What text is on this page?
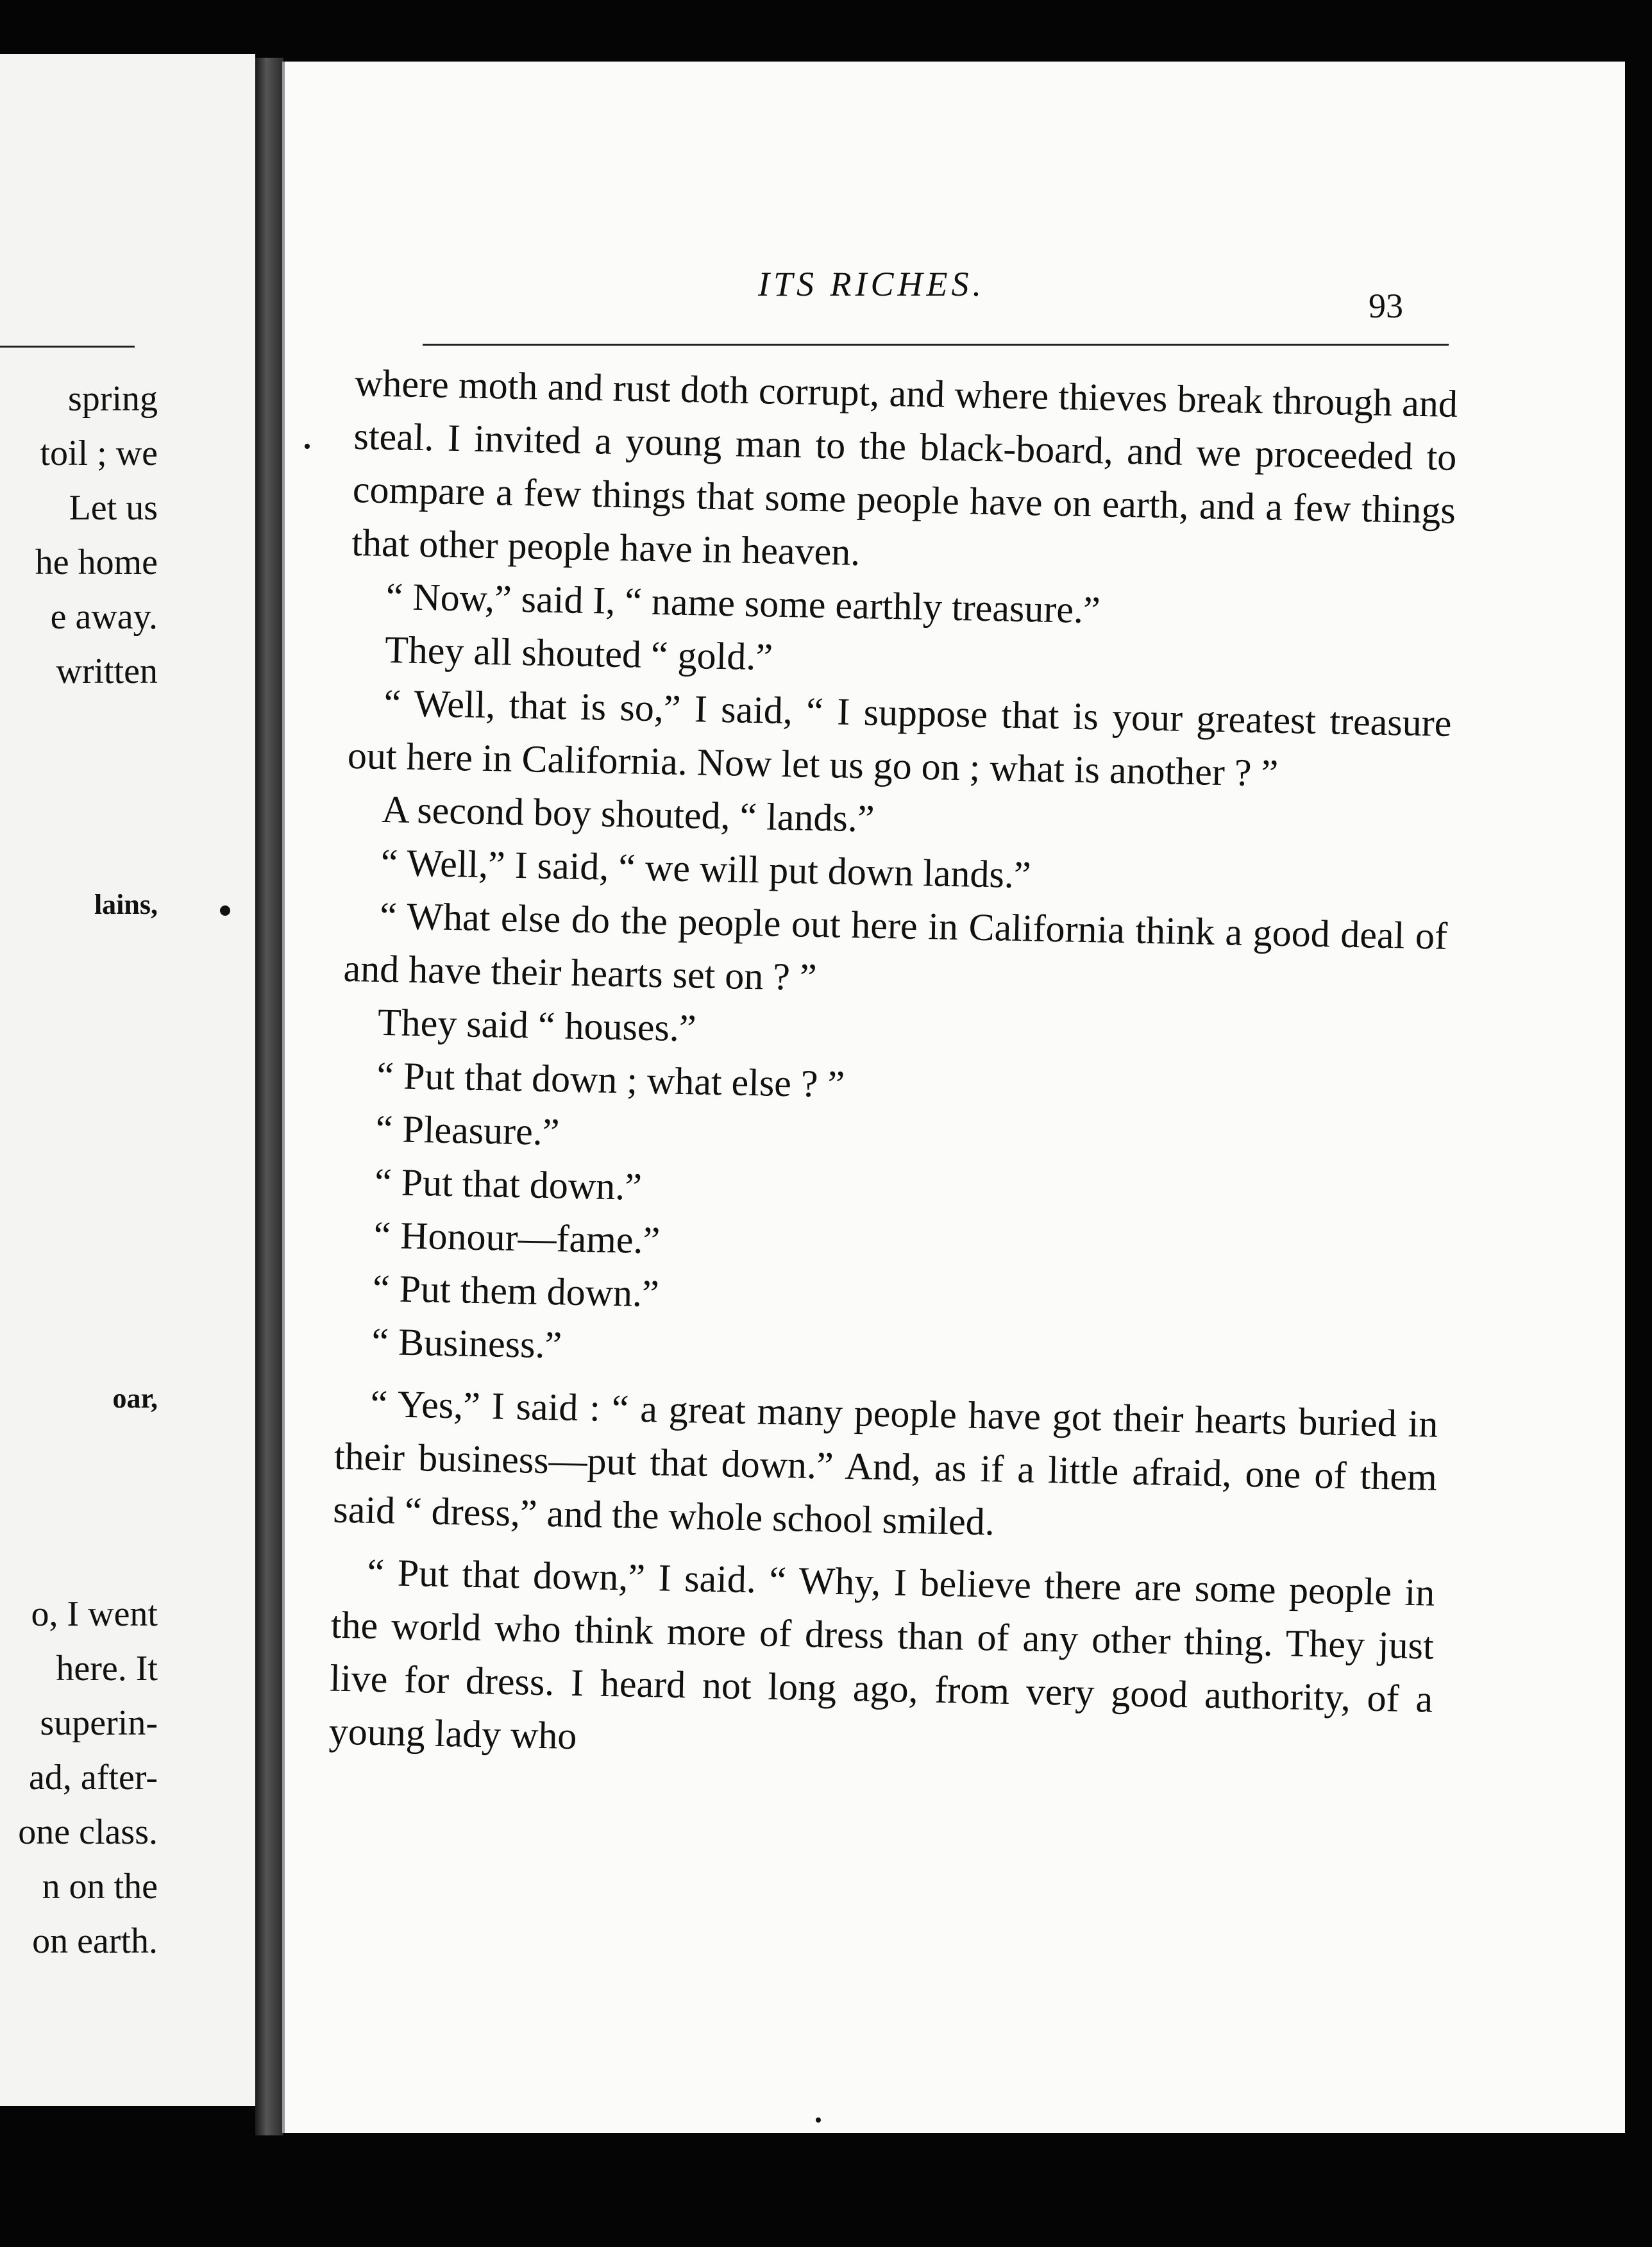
spring
toil ; we
Let us
he home
e away.
written
lains,
oar,
o, I went
here. It
superin-
ad, after-
one class.
n on the
on earth.
ITS RICHES.
93

where moth and rust doth corrupt, and where thieves break through and steal. I invited a young man to the black-board, and we proceeded to compare a few things that some people have on earth, and a few things that other people have in heaven.

“ Now,” said I, “ name some earthly treasure.”

They all shouted “ gold.”

“ Well, that is so,” I said, “ I suppose that is your greatest treasure out here in California. Now let us go on ; what is another ? ”

A second boy shouted, “ lands.”

“ Well,” I said, “ we will put down lands.”

“ What else do the people out here in California think a good deal of and have their hearts set on ? ”

They said “ houses.”

“ Put that down ; what else ? ”

“ Pleasure.”

“ Put that down.”

“ Honour—fame.”

“ Put them down.”

“ Business.”

“ Yes,” I said : “ a great many people have got their hearts buried in their business—put that down.” And, as if a little afraid, one of them said “ dress,” and the whole school smiled.

“ Put that down,” I said. “ Why, I believe there are some people in the world who think more of dress than of any other thing. They just live for dress. I heard not long ago, from very good authority, of a young lady who
